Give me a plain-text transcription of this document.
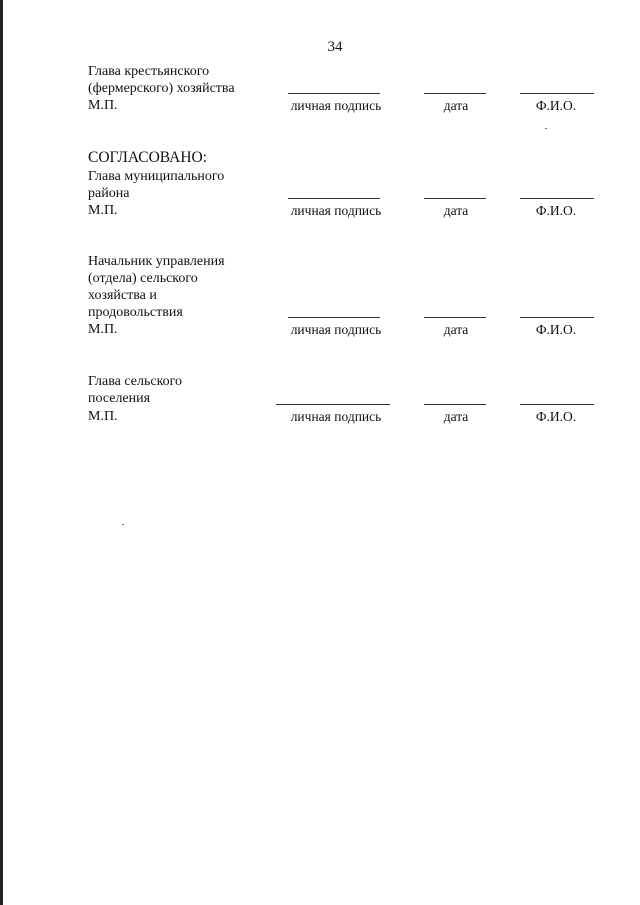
34
Глава крестьянского
(фермерского) хозяйства
М.П.	личная подпись	дата	Ф.И.О.
СОГЛАСОВАНО:
Глава муниципального
района
М.П.	личная подпись	дата	Ф.И.О.
Начальник управления
(отдела) сельского
хозяйства и
продовольствия
М.П.	личная подпись	дата	Ф.И.О.
Глава сельского
поселения
М.П.	личная подпись	дата	Ф.И.О.
